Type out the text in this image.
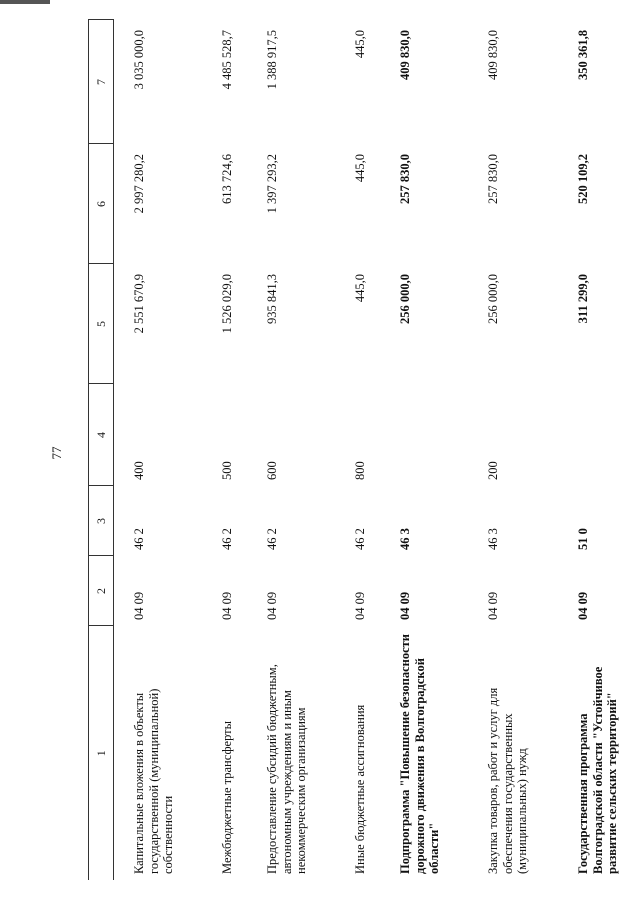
77
1	2	3	4	5	6	7

Капитальные вложения в объекты государственной (муниципальной) собственности	04 09	46 2	400	2 551 670,9	2 997 280,2	3 035 000,0
Межбюджетные трансферты	04 09	46 2	500	1 526 029,0	613 724,6	4 485 528,7
Предоставление субсидий бюджетным, автономным учреждениям и иным некоммерческим организациям	04 09	46 2	600	935 841,3	1 397 293,2	1 388 917,5
Иные бюджетные ассигнования	04 09	46 2	800	445,0	445,0	445,0
Подпрограмма "Повышение безопасности дорожного движения в Волгоградской области"	04 09	46 3		256 000,0	257 830,0	409 830,0
Закупка товаров, работ и услуг для обеспечения государственных (муниципальных) нужд	04 09	46 3	200	256 000,0	257 830,0	409 830,0
Государственная программа Волгоградской области "Устойчивое развитие сельских территорий"	04 09	51 0		311 299,0	520 109,2	350 361,8
